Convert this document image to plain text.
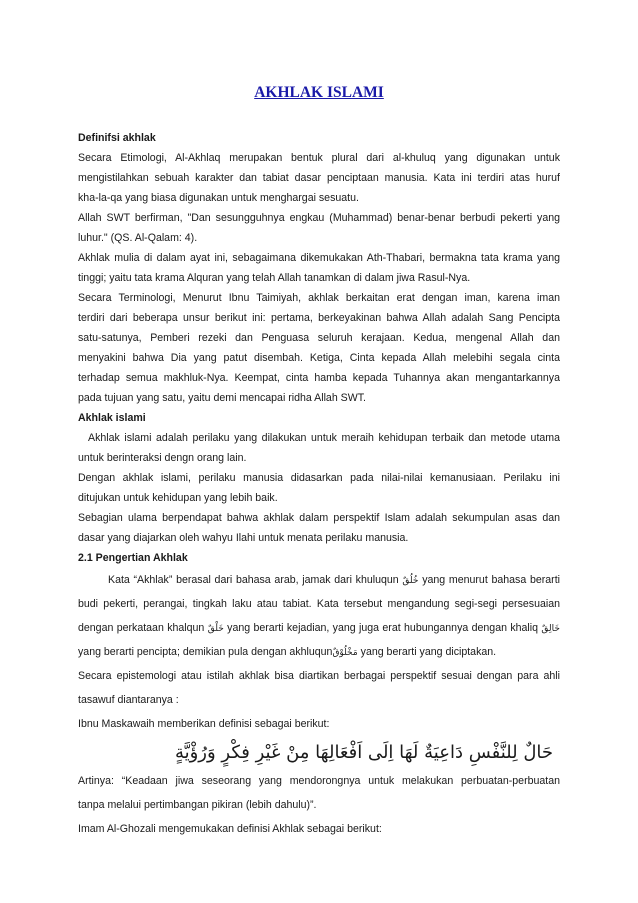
AKHLAK ISLAMI
Definifsi akhlak
Secara Etimologi, Al-Akhlaq merupakan bentuk plural dari al-khuluq yang digunakan untuk
mengistilahkan sebuah karakter dan tabiat dasar penciptaan manusia. Kata ini terdiri atas huruf
kha-la-qa yang biasa digunakan untuk menghargai sesuatu.
Allah SWT berfirman, "Dan sesungguhnya engkau (Muhammad) benar-benar berbudi pekerti yang
luhur." (QS. Al-Qalam: 4).
Akhlak mulia di dalam ayat ini, sebagaimana dikemukakan Ath-Thabari, bermakna tata krama yang
tinggi; yaitu tata krama Alquran yang telah Allah tanamkan di dalam jiwa Rasul-Nya.
Secara Terminologi, Menurut Ibnu Taimiyah, akhlak berkaitan erat dengan iman, karena iman
terdiri dari beberapa unsur berikut ini: pertama, berkeyakinan bahwa Allah adalah Sang Pencipta
satu-satunya, Pemberi rezeki dan Penguasa seluruh kerajaan. Kedua, mengenal Allah dan
menyakini bahwa Dia yang patut disembah. Ketiga, Cinta kepada Allah melebihi segala cinta
terhadap semua makhluk-Nya. Keempat, cinta hamba kepada Tuhannya akan mengantarkannya
pada tujuan yang satu, yaitu demi mencapai ridha Allah SWT.
Akhlak islami
Akhlak islami adalah perilaku yang dilakukan untuk meraih kehidupan terbaik dan metode utama
untuk berinteraksi dengn orang lain.
Dengan akhlak islami, perilaku manusia didasarkan pada nilai-nilai kemanusiaan. Perilaku ini
ditujukan untuk kehidupan yang lebih baik.
Sebagian ulama berpendapat bahwa akhlak dalam perspektif Islam adalah sekumpulan asas dan
dasar yang diajarkan oleh wahyu Ilahi untuk menata perilaku manusia.
2.1 Pengertian Akhlak
Kata “Akhlak” berasal dari bahasa arab, jamak dari khuluqun خُلُقٌ yang menurut bahasa berarti
budi pekerti, perangai, tingkah laku atau tabiat. Kata tersebut mengandung segi-segi persesuaian
dengan perkataan khalqun خَلْقٌ yang berarti kejadian, yang juga erat hubungannya dengan khaliq خَالِقٌ
yang berarti pencipta; demikian pula dengan akhluqunمَخْلُوْقٌ yang berarti yang diciptakan.
Secara epistemologi atau istilah akhlak bisa diartikan berbagai perspektif sesuai dengan para ahli
tasawuf diantaranya :
Ibnu Maskawaih memberikan definisi sebagai berikut:
حَالٌ لِلنَّفْسِ دَاعِيَةٌ لَهَا اِلَى اَفْعَالِهَا مِنْ غَيْرِ فِكْرٍ وَرُؤْيَّةٍ
Artinya: “Keadaan jiwa seseorang yang mendorongnya untuk melakukan perbuatan-perbuatan
tanpa melalui pertimbangan pikiran (lebih dahulu)”.
Imam Al-Ghozali mengemukakan definisi Akhlak sebagai berikut:
